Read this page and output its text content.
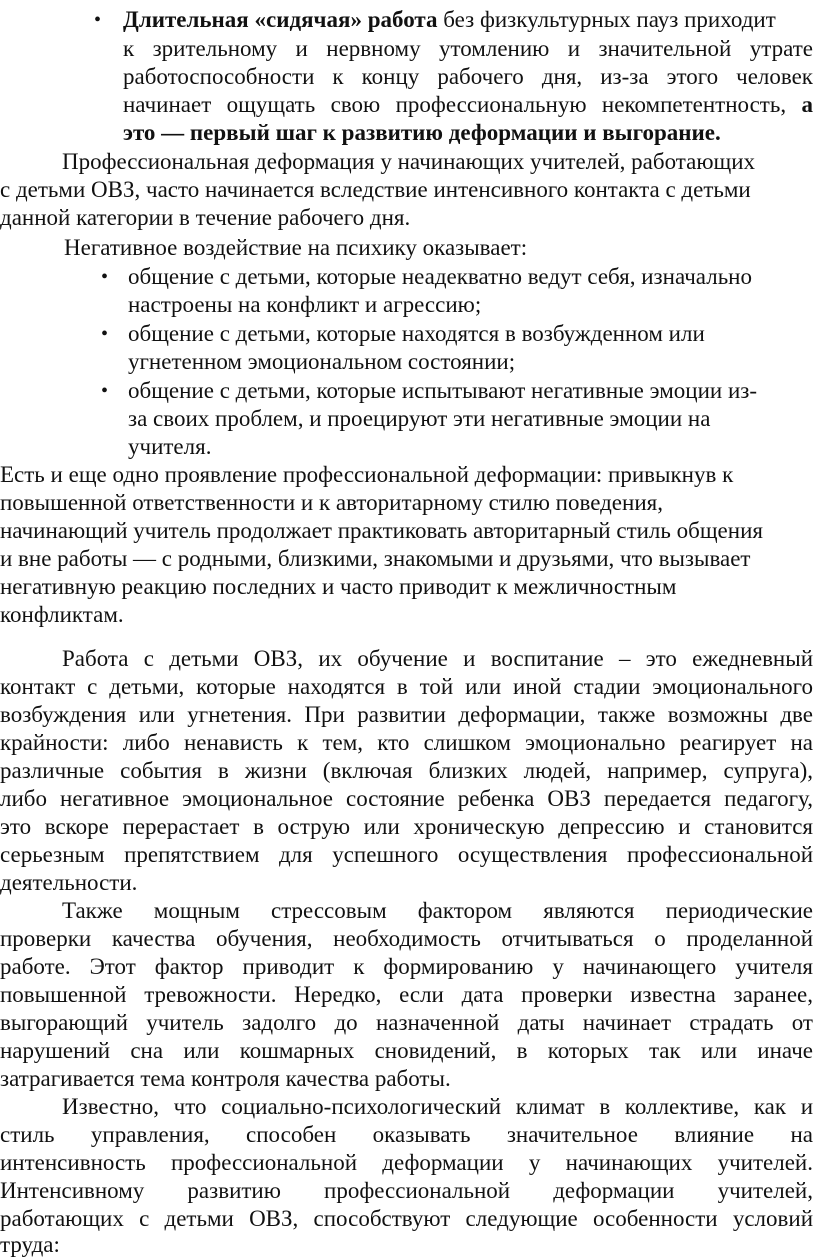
• Длительная «сидячая» работа без физкультурных пауз приходит
к зрительному и нервному утомлению и значительной утрате
работоспособности к концу рабочего дня, из-за этого человек
начинает ощущать свою профессиональную некомпетентность, а
это — первый шаг к развитию деформации и выгорание.
Профессиональная деформация у начинающих учителей, работающих
с детьми ОВЗ, часто начинается вследствие интенсивного контакта с детьми
данной категории в течение рабочего дня.
Негативное воздействие на психику оказывает:
• общение с детьми, которые неадекватно ведут себя, изначально
настроены на конфликт и агрессию;
• общение с детьми, которые находятся в возбужденном или
угнетенном эмоциональном состоянии;
• общение с детьми, которые испытывают негативные эмоции из-
за своих проблем, и проецируют эти негативные эмоции на
учителя.
Есть и еще одно проявление профессиональной деформации: привыкнув к
повышенной ответственности и к авторитарному стилю поведения,
начинающий учитель продолжает практиковать авторитарный стиль общения
и вне работы — с родными, близкими, знакомыми и друзьями, что вызывает
негативную реакцию последних и часто приводит к межличностным
конфликтам.
Работа с детьми ОВЗ, их обучение и воспитание – это ежедневный
контакт с детьми, которые находятся в той или иной стадии эмоционального
возбуждения или угнетения. При развитии деформации, также возможны две
крайности: либо ненависть к тем, кто слишком эмоционально реагирует на
различные события в жизни (включая близких людей, например, супруга),
либо негативное эмоциональное состояние ребенка ОВЗ передается педагогу,
это вскоре перерастает в острую или хроническую депрессию и становится
серьезным препятствием для успешного осуществления профессиональной
деятельности.
Также мощным стрессовым фактором являются периодические
проверки качества обучения, необходимость отчитываться о проделанной
работе. Этот фактор приводит к формированию у начинающего учителя
повышенной тревожности. Нередко, если дата проверки известна заранее,
выгорающий учитель задолго до назначенной даты начинает страдать от
нарушений сна или кошмарных сновидений, в которых так или иначе
затрагивается тема контроля качества работы.
Известно, что социально-психологический климат в коллективе, как и
стиль управления, способен оказывать значительное влияние на
интенсивность профессиональной деформации у начинающих учителей.
Интенсивному развитию профессиональной деформации учителей,
работающих с детьми ОВЗ, способствуют следующие особенности условий
труда:
